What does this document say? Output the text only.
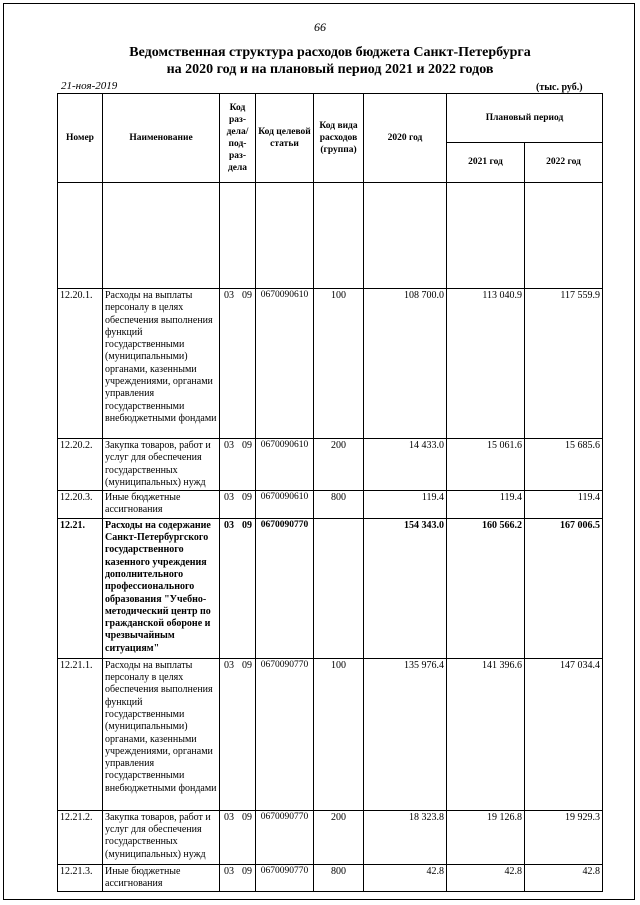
66
Ведомственная структура расходов бюджета Санкт-Петербурга
на 2020 год и на плановый период 2021 и 2022 годов
21-ноя-2019	(тыс. руб.)
Номер	Наименование	Код раз- дела/ под- раз- дела	Код целевой статьи	Код вида расходов (группа)	2020 год	Плановый период	
						2021 год	2022 год

12.20.1.	Расходы на выплаты персоналу в целях обеспечения выполнения функций государственными (муниципальными) органами, казенными учреждениями, органами управления государственными внебюджетными фондами	03 09	0670090610	100	108 700.0	113 040.9	117 559.9
12.20.2.	Закупка товаров, работ и услуг для обеспечения государственных (муниципальных) нужд	03 09	0670090610	200	14 433.0	15 061.6	15 685.6
12.20.3.	Иные бюджетные ассигнования	03 09	0670090610	800	119.4	119.4	119.4
12.21.	Расходы на содержание Санкт-Петербургского государственного казенного учреждения дополнительного профессионального образования "Учебно-методический центр по гражданской обороне и чрезвычайным ситуациям"	03 09	0670090770		154 343.0	160 566.2	167 006.5
12.21.1.	Расходы на выплаты персоналу в целях обеспечения выполнения функций государственными (муниципальными) органами, казенными учреждениями, органами управления государственными внебюджетными фондами	03 09	0670090770	100	135 976.4	141 396.6	147 034.4
12.21.2.	Закупка товаров, работ и услуг для обеспечения государственных (муниципальных) нужд	03 09	0670090770	200	18 323.8	19 126.8	19 929.3
12.21.3.	Иные бюджетные ассигнования	03 09	0670090770	800	42.8	42.8	42.8
